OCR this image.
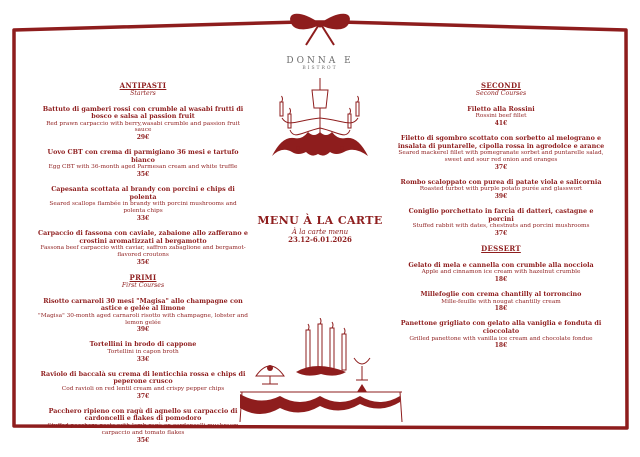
DONNA E
BISTROT
MENU À LA CARTE
À la carte menu
23.12-6.01.2026
ANTIPASTI
Starters
Battuto di gamberi rossi con crumble al wasabi frutti di bosco e salsa al passion fruit
Red prawn carpaccio with berry,wasabi crumble and passion fruit sauce
29€
Uovo CBT con crema di parmigiano 36 mesi e tartufo bianco
Egg CBT with 36-month aged Parmesan cream and white truffle
35€
Capesanta scottata al brandy con porcini e chips di polenta
Seared scallops flambée in brandy with porcini mushrooms and polenta chips
33€
Carpaccio di fassona con caviale, zabaione allo zafferano e crostini aromatizzati al bergamotto
Fassona beef carpaccio with caviar, saffron zabaglione and bergamot-flavored croutons
35€
PRIMI
First Courses
Risotto carnaroli 30 mesi "Magisa" allo champagne con astice e gelée al limone
"Magisa" 30-month aged carnaroli risotto with champagne, lobster and lemon gelée
39€
Tortellini in brodo di cappone
Tortellini in capon broth
33€
Raviolo di baccalà su crema di lenticchia rossa e chips di peperone crusco
Cod ravioli on red lentil cream and crispy pepper chips
37€
Pacchero ripieno con ragù di agnello su carpaccio di cardoncelli e flakes di pomodoro
Stuffed pacchero pasta with lamb ragù on cardoncelli mushroom carpaccio and tomato flakes
35€
SECONDI
Second Courses
Filetto alla Rossini
Rossini beef fillet
41€
Filetto di sgombro scottato con sorbetto al melograno e insalata di puntarelle, cipolla rossa in agrodolce e arance
Seared mackerel fillet with pomegranate sorbet and puntarelle salad, sweet and sour red onion and oranges
37€
Rombo scaloppato con purea di patate viola e salicornia
Roasted turbot with purple potato purée and glasswort
39€
Coniglio porchettato in farcia di datteri, castagne e porcini
Stuffed rabbit with dates, chestnuts and porcini mushrooms
37€
DESSERT
Gelato di mela e cannella con crumble alla nocciola
Apple and cinnamon ice cream with hazelnut crumble
18€
Millefoglie con crema chantilly al torroncino
Mille-feuille with nougat chantilly cream
18€
Panettone grigliato con gelato alla vaniglia e fonduta di cioccolato
Grilled panettone with vanilla ice cream and chocolate fondue
18€
